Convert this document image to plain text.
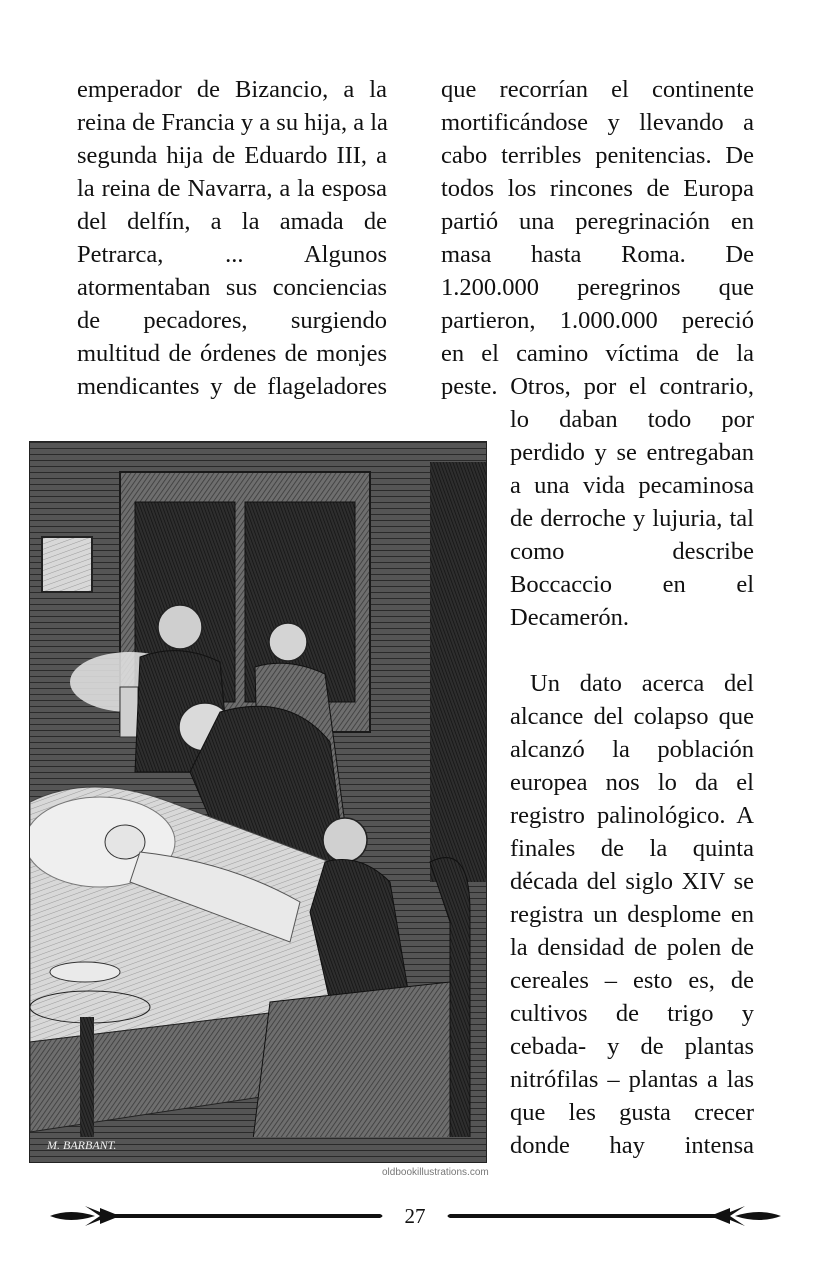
emperador de Bizancio, a la
reina de Francia y a su hija, a la
segunda hija de Eduardo III, a
la reina de Navarra, a la esposa
del delfín, a la amada de
Petrarca, ... Algunos
atormentaban sus conciencias
de pecadores, surgiendo
multitud de órdenes de monjes
mendicantes y de flagеladores
que recorrían el continente
mortificándose y llevando a
cabo terribles penitencias. De
todos los rincones de Europa
partió una peregrinación en
masa hasta Roma. De
1.200.000 peregrinos que
partieron, 1.000.000 pereció
en el camino víctima de la
peste. Otros, por el contrario,
lo daban todo por
perdido y se entregaban
a una vida pecaminosa
de derroche y lujuria, tal
como describe
Boccaccio en el
Decamerón.
Un dato acerca del
alcance del colapso que
alcanzó la población
europea nos lo da el
registro palinológico. A
finales de la quinta
década del siglo XIV se
registra un desplome en
la densidad de polen de
cereales – esto es, de
cultivos de trigo y
cebada- y de plantas
nitrófilas – plantas a las
que les gusta crecer
donde hay intensa
M. BARBANT.
oldbookillustrations.com
27
